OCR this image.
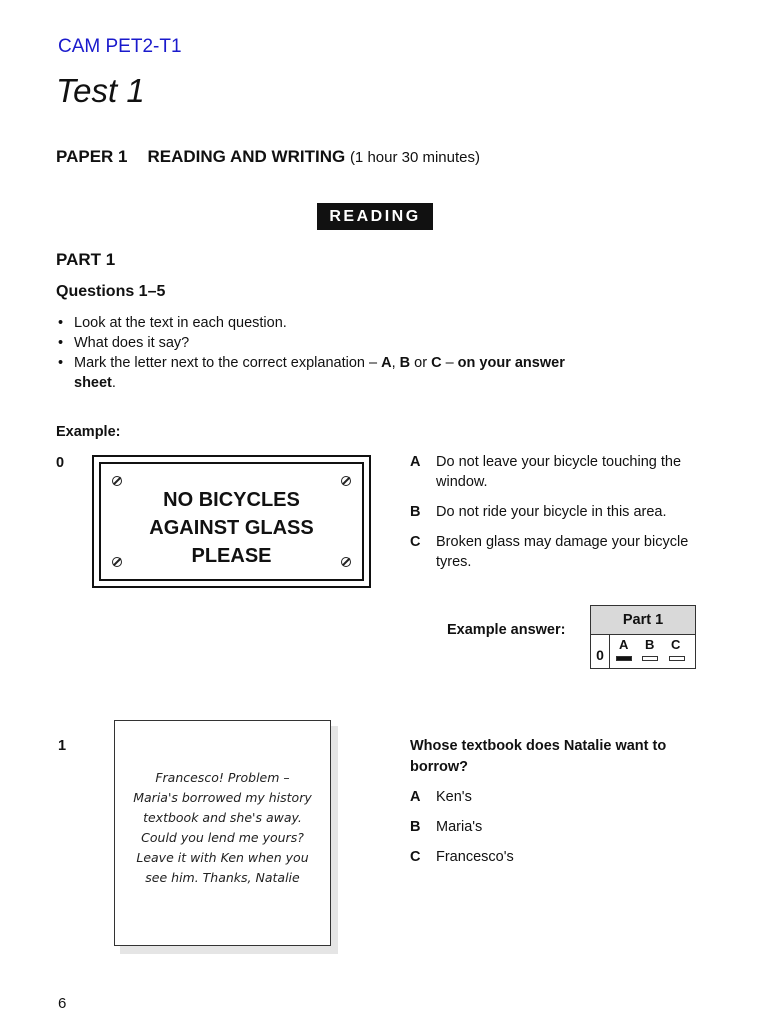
CAM PET2-T1
Test 1
PAPER 1 READING AND WRITING (1 hour 30 minutes)
READING
PART 1
Questions 1–5
• Look at the text in each question.
• What does it say?
• Mark the letter next to the correct explanation – A, B or C – on your answer sheet.
Example:
0
NO BICYCLES
AGAINST GLASS
PLEASE
A Do not leave your bicycle touching the window.
B Do not ride your bicycle in this area.
C Broken glass may damage your bicycle tyres.
Example answer:
Part 1
0
A B C
1
Francesco! Problem –
Maria's borrowed my history
textbook and she's away.
Could you lend me yours?
Leave it with Ken when you
see him. Thanks, Natalie
Whose textbook does Natalie want to borrow?
A Ken's
B Maria's
C Francesco's
6
